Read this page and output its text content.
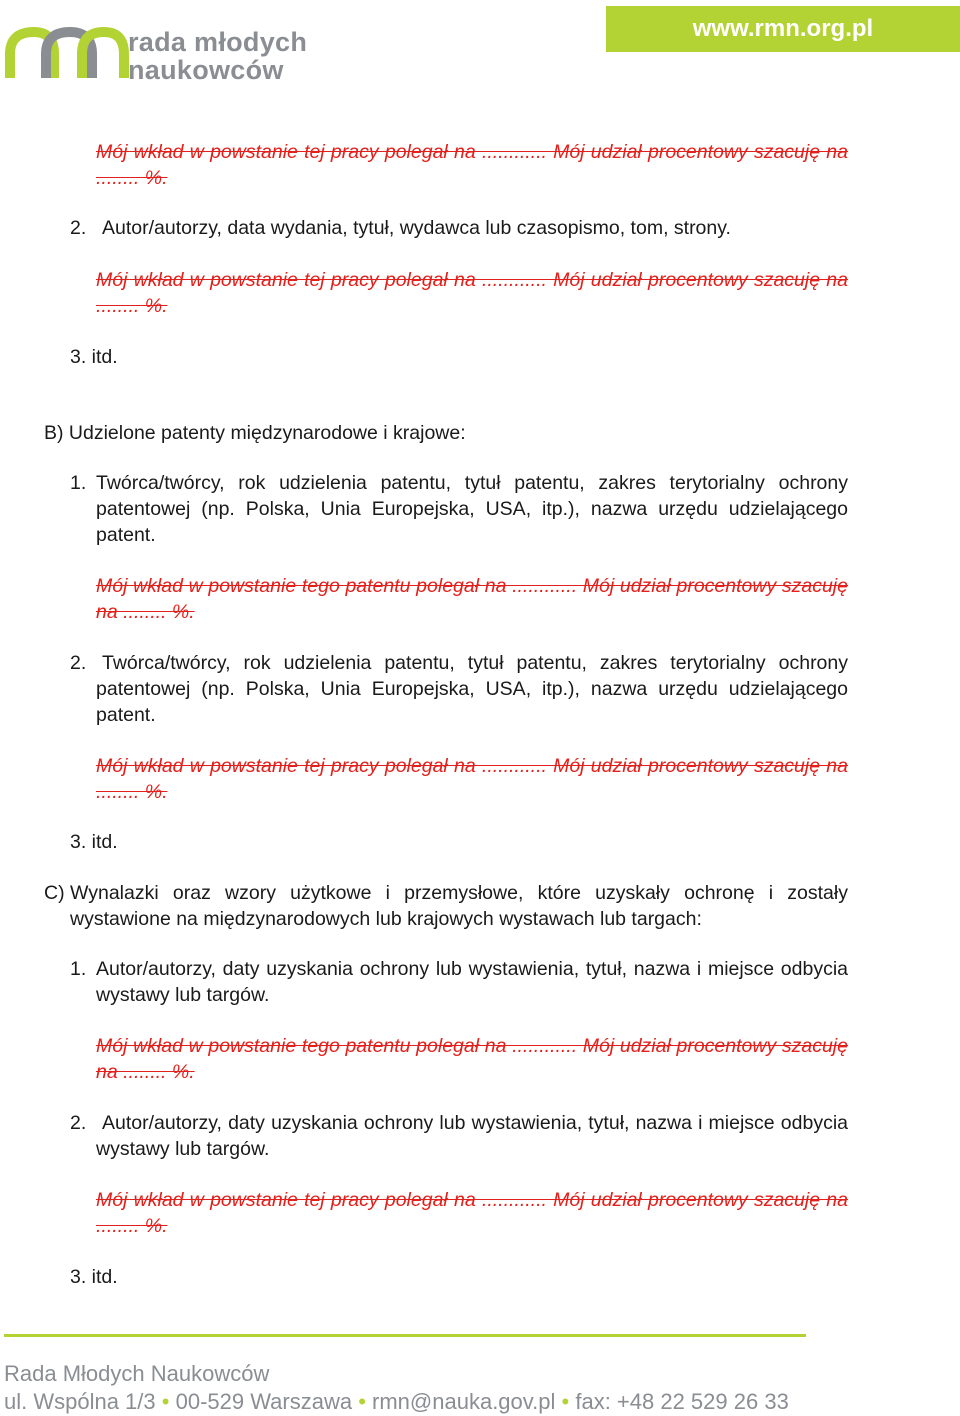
rada młodych
naukowców
www.rmn.org.pl
Mój wkład w powstanie tej pracy polegał na ............ Mój udział procentowy szacuję na ........ %.
2. Autor/autorzy, data wydania, tytuł, wydawca lub czasopismo, tom, strony.
Mój wkład w powstanie tej pracy polegał na ............ Mój udział procentowy szacuję na ........ %.
3. itd.
B) Udzielone patenty międzynarodowe i krajowe:
1. Twórca/twórcy, rok udzielenia patentu, tytuł patentu, zakres terytorialny ochrony patentowej (np. Polska, Unia Europejska, USA, itp.), nazwa urzędu udzielającego patent.
Mój wkład w powstanie tego patentu polegał na ............ Mój udział procentowy szacuję na ........ %.
2. Twórca/twórcy, rok udzielenia patentu, tytuł patentu, zakres terytorialny ochrony patentowej (np. Polska, Unia Europejska, USA, itp.), nazwa urzędu udzielającego patent.
Mój wkład w powstanie tej pracy polegał na ............ Mój udział procentowy szacuję na ........ %.
3. itd.
C) Wynalazki oraz wzory użytkowe i przemysłowe, które uzyskały ochronę i zostały wystawione na międzynarodowych lub krajowych wystawach lub targach:
1. Autor/autorzy, daty uzyskania ochrony lub wystawienia, tytuł, nazwa i miejsce odbycia wystawy lub targów.
Mój wkład w powstanie tego patentu polegał na ............ Mój udział procentowy szacuję na ........ %.
2. Autor/autorzy, daty uzyskania ochrony lub wystawienia, tytuł, nazwa i miejsce odbycia wystawy lub targów.
Mój wkład w powstanie tej pracy polegał na ............ Mój udział procentowy szacuję na ........ %.
3. itd.
Rada Młodych Naukowców
ul. Wspólna 1/3 • 00-529 Warszawa • rmn@nauka.gov.pl • fax: +48 22 529 26 33
